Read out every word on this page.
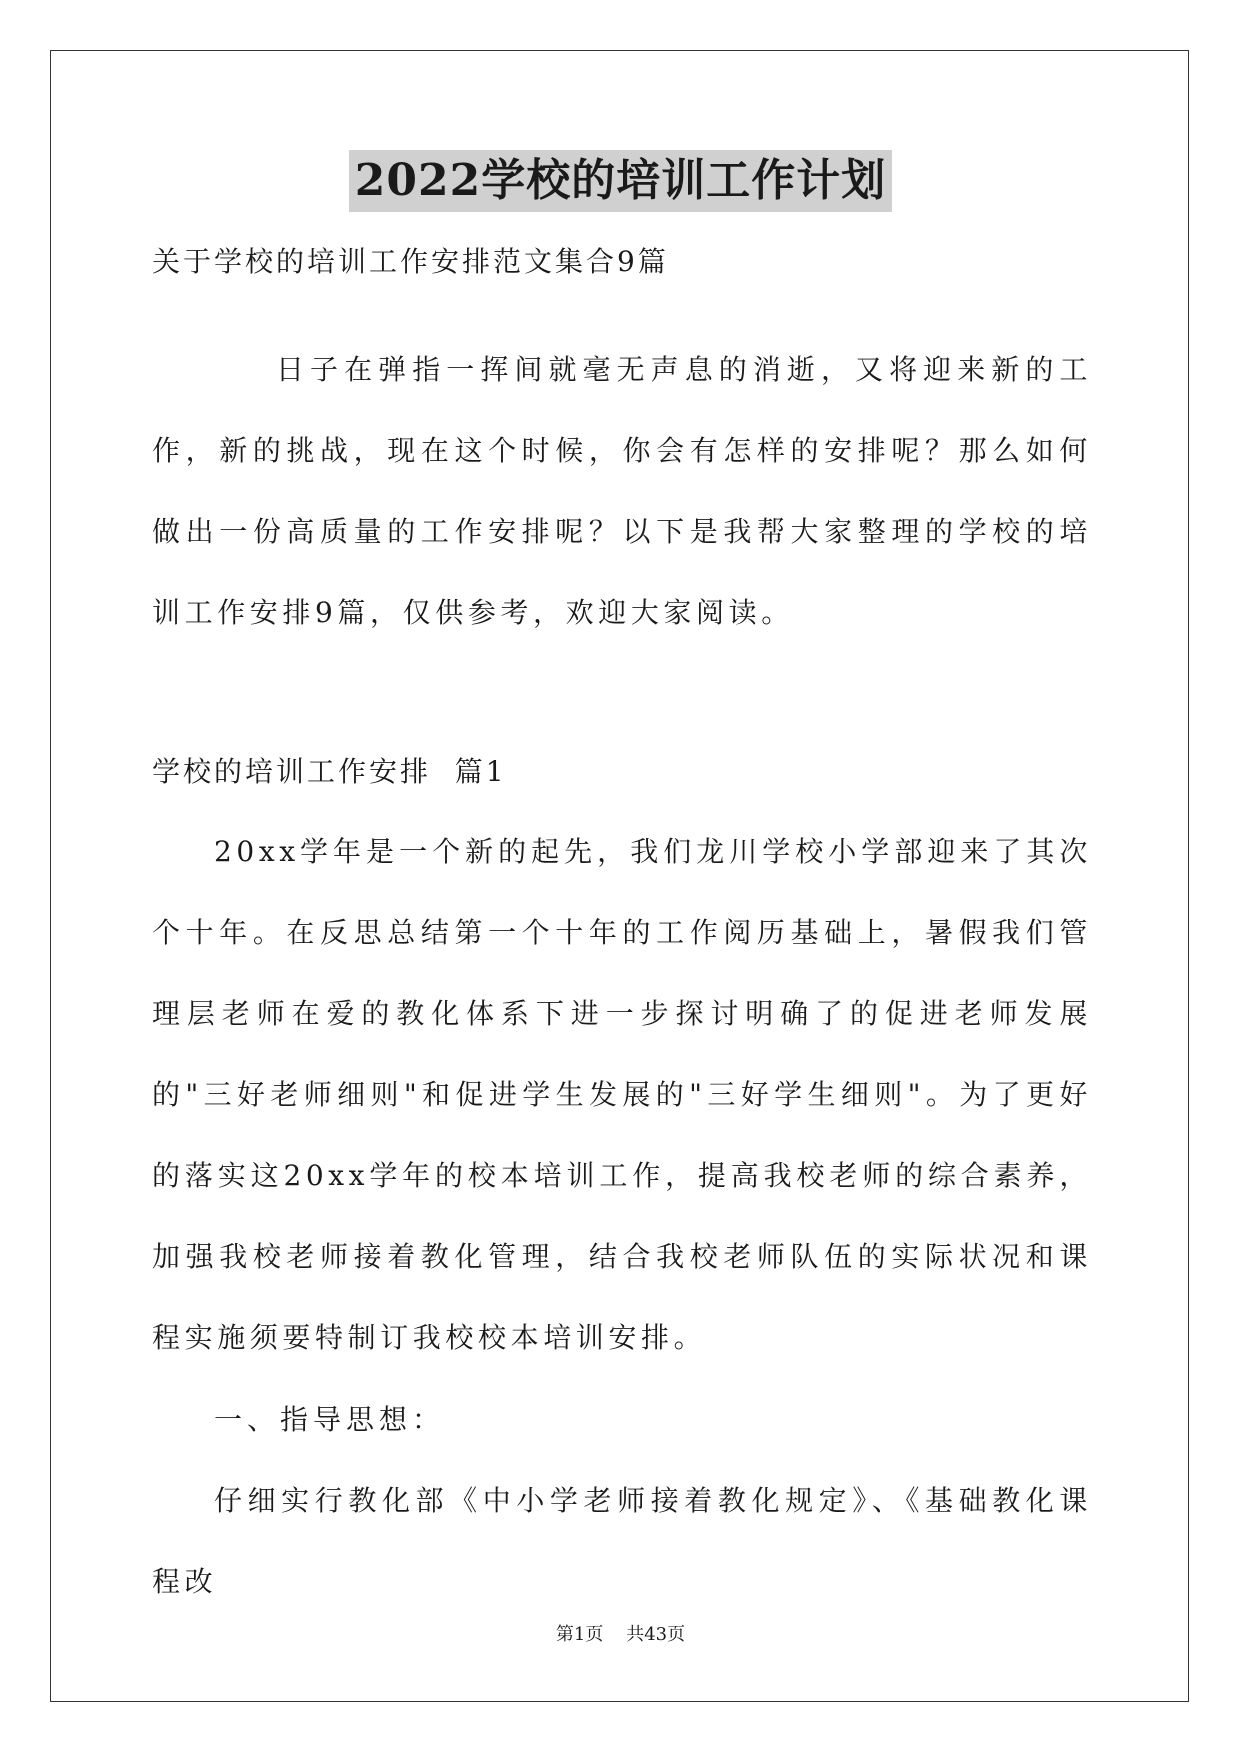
2022学校的培训工作计划
关于学校的培训工作安排范文集合9篇

日子在弹指一挥间就毫无声息的消逝，又将迎来新的工作，新的挑战，现在这个时候，你会有怎样的安排呢？那么如何做出一份高质量的工作安排呢？以下是我帮大家整理的学校的培训工作安排9篇，仅供参考，欢迎大家阅读。

学校的培训工作安排  篇1

20xx学年是一个新的起先，我们龙川学校小学部迎来了其次个十年。在反思总结第一个十年的工作阅历基础上，暑假我们管理层老师在爱的教化体系下进一步探讨明确了的促进老师发展的"三好老师细则"和促进学生发展的"三好学生细则"。为了更好的落实这20xx学年的校本培训工作，提高我校老师的综合素养，加强我校老师接着教化管理，结合我校老师队伍的实际状况和课程实施须要特制订我校校本培训安排。

一、指导思想：

仔细实行教化部《中小学老师接着教化规定》、《基础教化课程改

第1页    共43页
